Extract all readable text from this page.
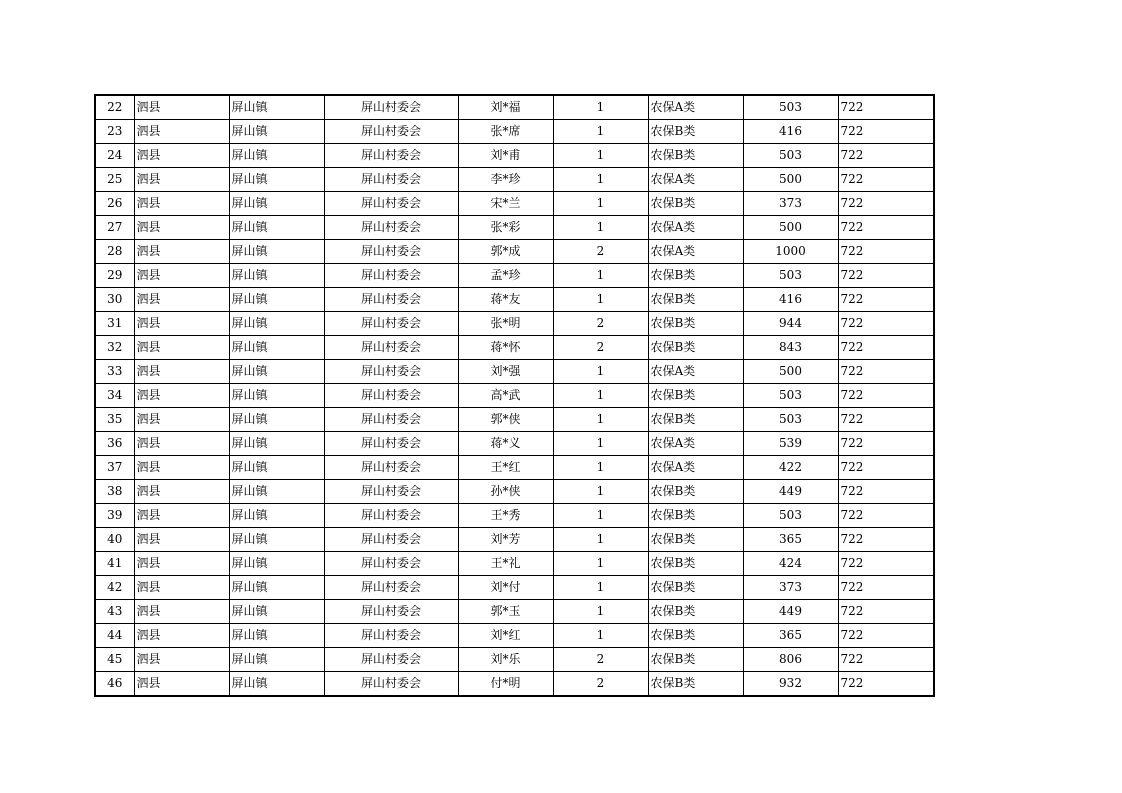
22	泗县	屏山镇	屏山村委会	刘*福	1	农保A类	503	722
23	泗县	屏山镇	屏山村委会	张*席	1	农保B类	416	722
24	泗县	屏山镇	屏山村委会	刘*甫	1	农保B类	503	722
25	泗县	屏山镇	屏山村委会	李*珍	1	农保A类	500	722
26	泗县	屏山镇	屏山村委会	宋*兰	1	农保B类	373	722
27	泗县	屏山镇	屏山村委会	张*彩	1	农保A类	500	722
28	泗县	屏山镇	屏山村委会	郭*成	2	农保A类	1000	722
29	泗县	屏山镇	屏山村委会	孟*珍	1	农保B类	503	722
30	泗县	屏山镇	屏山村委会	蒋*友	1	农保B类	416	722
31	泗县	屏山镇	屏山村委会	张*明	2	农保B类	944	722
32	泗县	屏山镇	屏山村委会	蒋*怀	2	农保B类	843	722
33	泗县	屏山镇	屏山村委会	刘*强	1	农保A类	500	722
34	泗县	屏山镇	屏山村委会	高*武	1	农保B类	503	722
35	泗县	屏山镇	屏山村委会	郭*侠	1	农保B类	503	722
36	泗县	屏山镇	屏山村委会	蒋*义	1	农保A类	539	722
37	泗县	屏山镇	屏山村委会	王*红	1	农保A类	422	722
38	泗县	屏山镇	屏山村委会	孙*侠	1	农保B类	449	722
39	泗县	屏山镇	屏山村委会	王*秀	1	农保B类	503	722
40	泗县	屏山镇	屏山村委会	刘*芳	1	农保B类	365	722
41	泗县	屏山镇	屏山村委会	王*礼	1	农保B类	424	722
42	泗县	屏山镇	屏山村委会	刘*付	1	农保B类	373	722
43	泗县	屏山镇	屏山村委会	郭*玉	1	农保B类	449	722
44	泗县	屏山镇	屏山村委会	刘*红	1	农保B类	365	722
45	泗县	屏山镇	屏山村委会	刘*乐	2	农保B类	806	722
46	泗县	屏山镇	屏山村委会	付*明	2	农保B类	932	722
